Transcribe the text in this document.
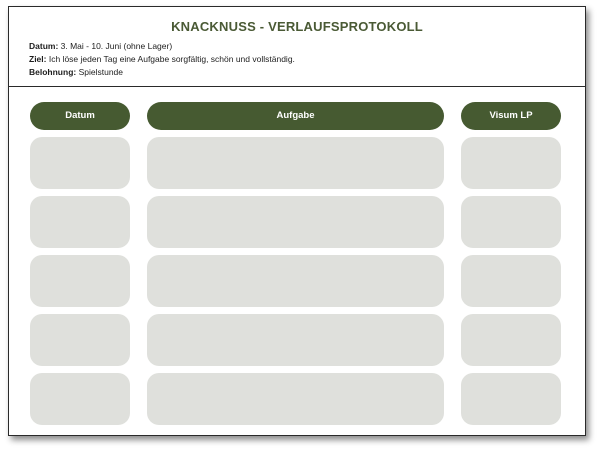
KNACKNUSS - VERLAUFSPROTOKOLL
Datum: 3. Mai - 10. Juni (ohne Lager)
Ziel: Ich löse jeden Tag eine Aufgabe sorgfältig, schön und vollständig.
Belohnung: Spielstunde
Datum	Aufgabe	Visum LP
